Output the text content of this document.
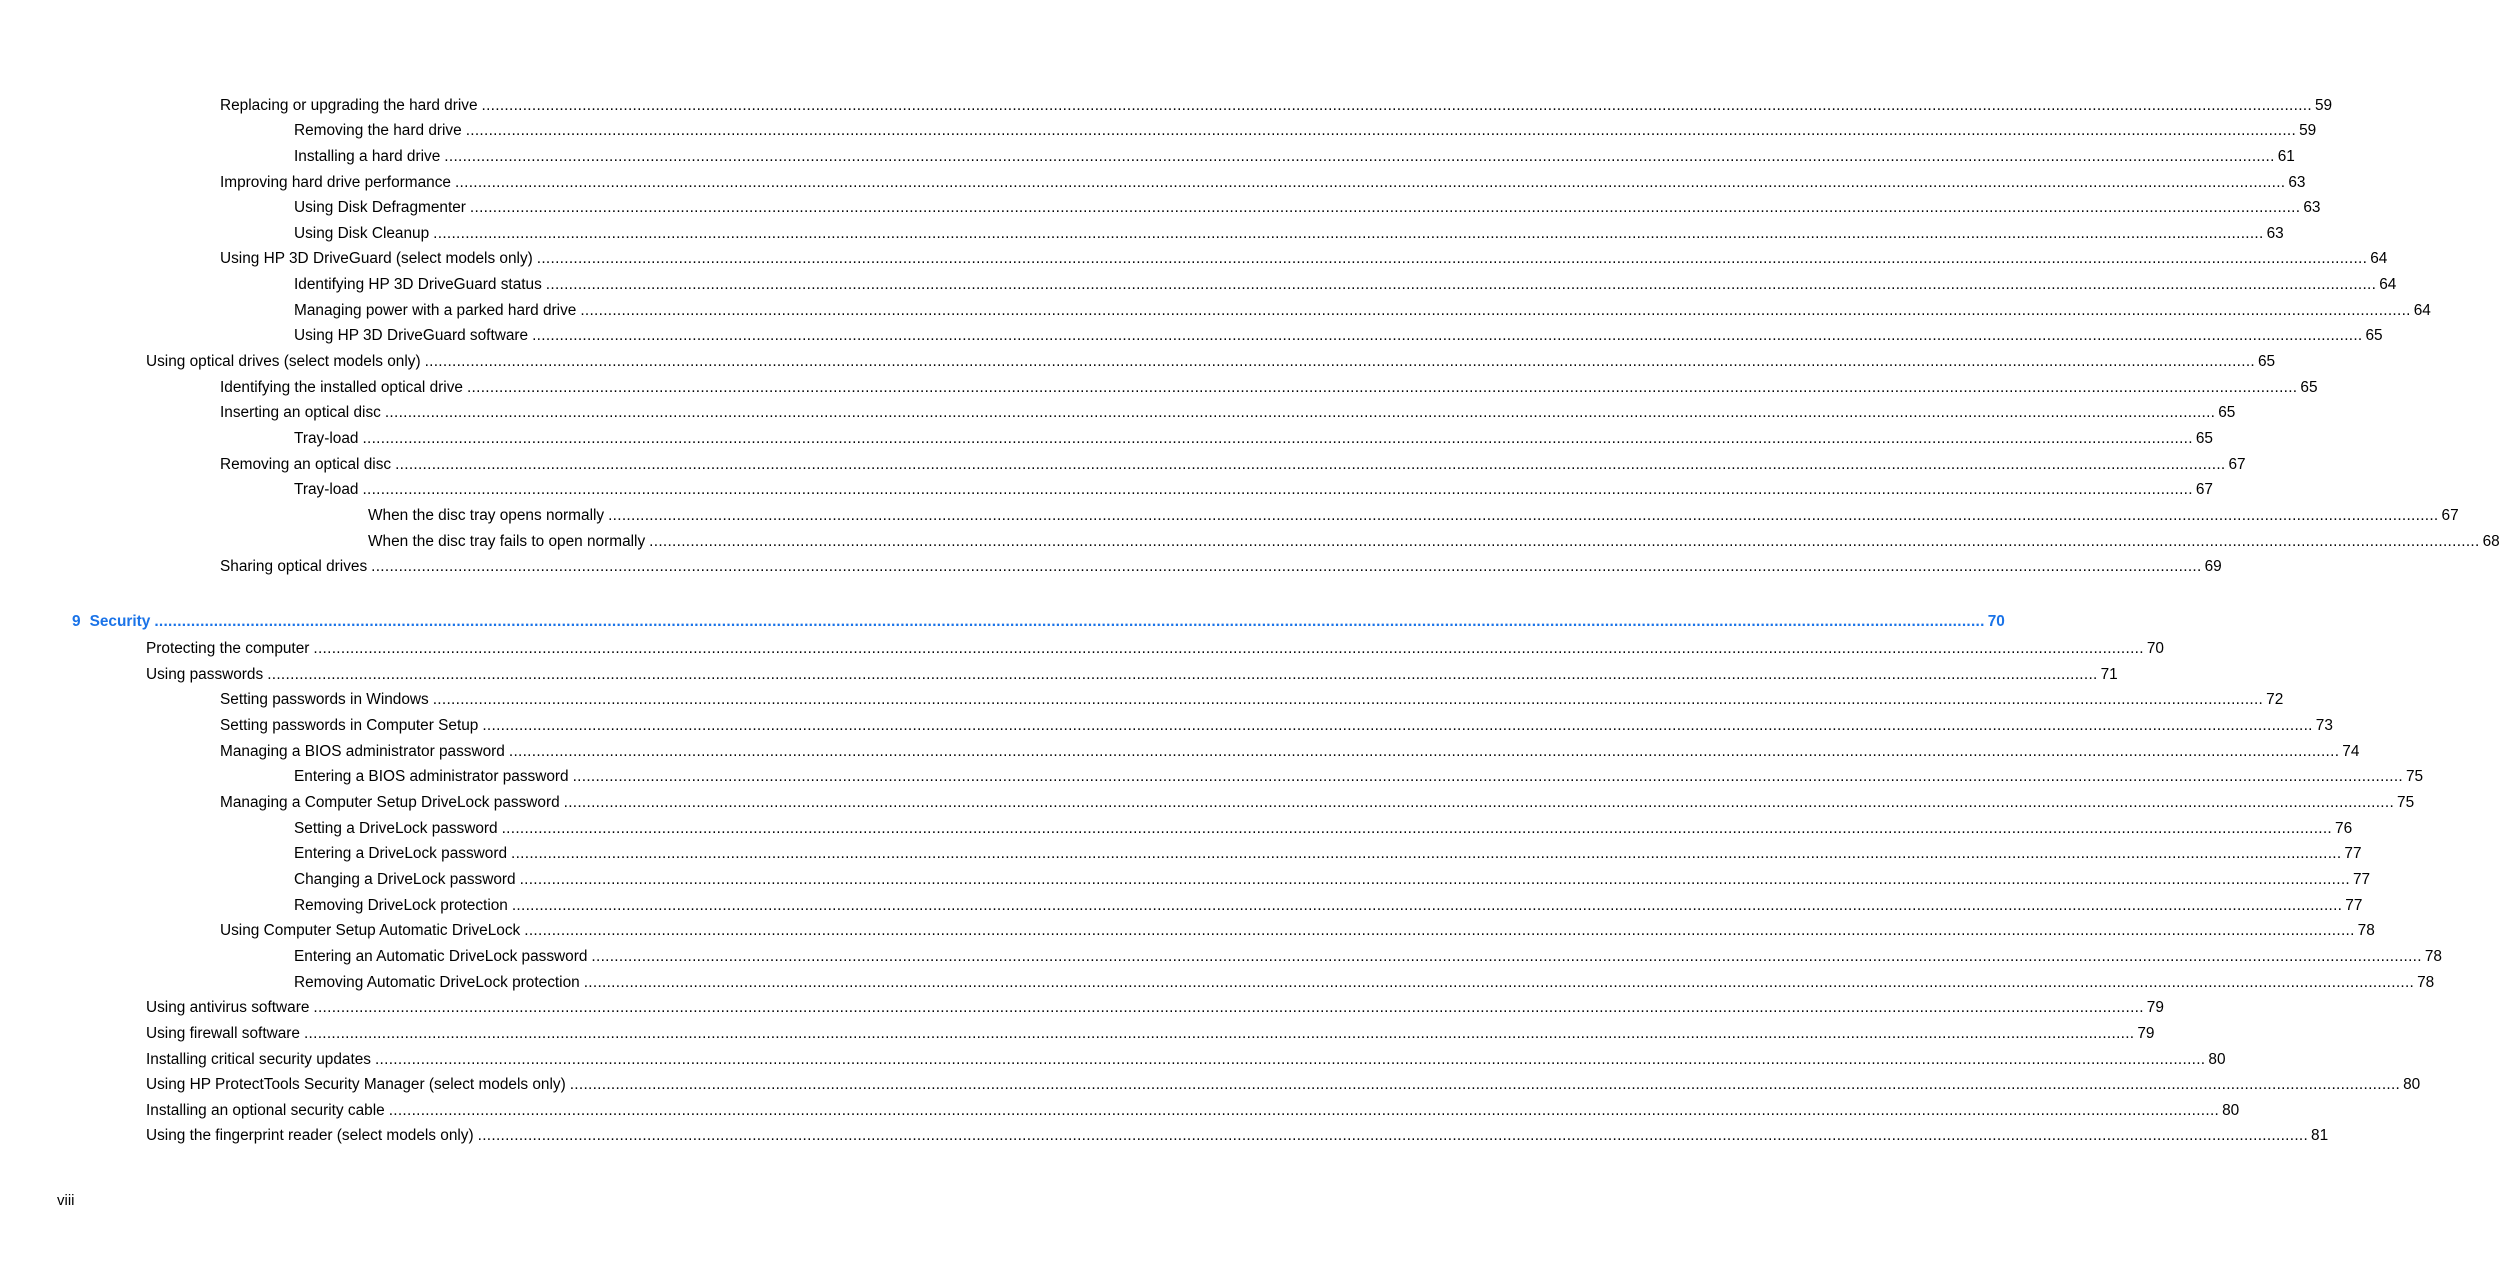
Replacing or upgrading the hard drive ................................................................................................................................................................................................................................................................................................................................................................................................................ 59
Removing the hard drive ................................................................................................................................................................................................................................................................................................................................................................................................................ 59
Installing a hard drive ................................................................................................................................................................................................................................................................................................................................................................................................................ 61
Improving hard drive performance ................................................................................................................................................................................................................................................................................................................................................................................................................ 63
Using Disk Defragmenter ................................................................................................................................................................................................................................................................................................................................................................................................................ 63
Using Disk Cleanup ................................................................................................................................................................................................................................................................................................................................................................................................................ 63
Using HP 3D DriveGuard (select models only) ................................................................................................................................................................................................................................................................................................................................................................................................................ 64
Identifying HP 3D DriveGuard status ................................................................................................................................................................................................................................................................................................................................................................................................................ 64
Managing power with a parked hard drive ................................................................................................................................................................................................................................................................................................................................................................................................................ 64
Using HP 3D DriveGuard software ................................................................................................................................................................................................................................................................................................................................................................................................................ 65
Using optical drives (select models only) ................................................................................................................................................................................................................................................................................................................................................................................................................ 65
Identifying the installed optical drive ................................................................................................................................................................................................................................................................................................................................................................................................................ 65
Inserting an optical disc ................................................................................................................................................................................................................................................................................................................................................................................................................ 65
Tray-load ................................................................................................................................................................................................................................................................................................................................................................................................................ 65
Removing an optical disc ................................................................................................................................................................................................................................................................................................................................................................................................................ 67
Tray-load ................................................................................................................................................................................................................................................................................................................................................................................................................ 67
When the disc tray opens normally ................................................................................................................................................................................................................................................................................................................................................................................................................ 67
When the disc tray fails to open normally ................................................................................................................................................................................................................................................................................................................................................................................................................ 68
Sharing optical drives ................................................................................................................................................................................................................................................................................................................................................................................................................ 69
9 Security ................................................................................................................................................................................................................................................................................................................................................................................................................ 70
Protecting the computer ................................................................................................................................................................................................................................................................................................................................................................................................................ 70
Using passwords ................................................................................................................................................................................................................................................................................................................................................................................................................ 71
Setting passwords in Windows ................................................................................................................................................................................................................................................................................................................................................................................................................ 72
Setting passwords in Computer Setup ................................................................................................................................................................................................................................................................................................................................................................................................................ 73
Managing a BIOS administrator password ................................................................................................................................................................................................................................................................................................................................................................................................................ 74
Entering a BIOS administrator password ................................................................................................................................................................................................................................................................................................................................................................................................................ 75
Managing a Computer Setup DriveLock password ................................................................................................................................................................................................................................................................................................................................................................................................................ 75
Setting a DriveLock password ................................................................................................................................................................................................................................................................................................................................................................................................................ 76
Entering a DriveLock password ................................................................................................................................................................................................................................................................................................................................................................................................................ 77
Changing a DriveLock password ................................................................................................................................................................................................................................................................................................................................................................................................................ 77
Removing DriveLock protection ................................................................................................................................................................................................................................................................................................................................................................................................................ 77
Using Computer Setup Automatic DriveLock ................................................................................................................................................................................................................................................................................................................................................................................................................ 78
Entering an Automatic DriveLock password ................................................................................................................................................................................................................................................................................................................................................................................................................ 78
Removing Automatic DriveLock protection ................................................................................................................................................................................................................................................................................................................................................................................................................ 78
Using antivirus software ................................................................................................................................................................................................................................................................................................................................................................................................................ 79
Using firewall software ................................................................................................................................................................................................................................................................................................................................................................................................................ 79
Installing critical security updates ................................................................................................................................................................................................................................................................................................................................................................................................................ 80
Using HP ProtectTools Security Manager (select models only) ................................................................................................................................................................................................................................................................................................................................................................................................................ 80
Installing an optional security cable ................................................................................................................................................................................................................................................................................................................................................................................................................ 80
Using the fingerprint reader (select models only) ................................................................................................................................................................................................................................................................................................................................................................................................................ 81
viii
